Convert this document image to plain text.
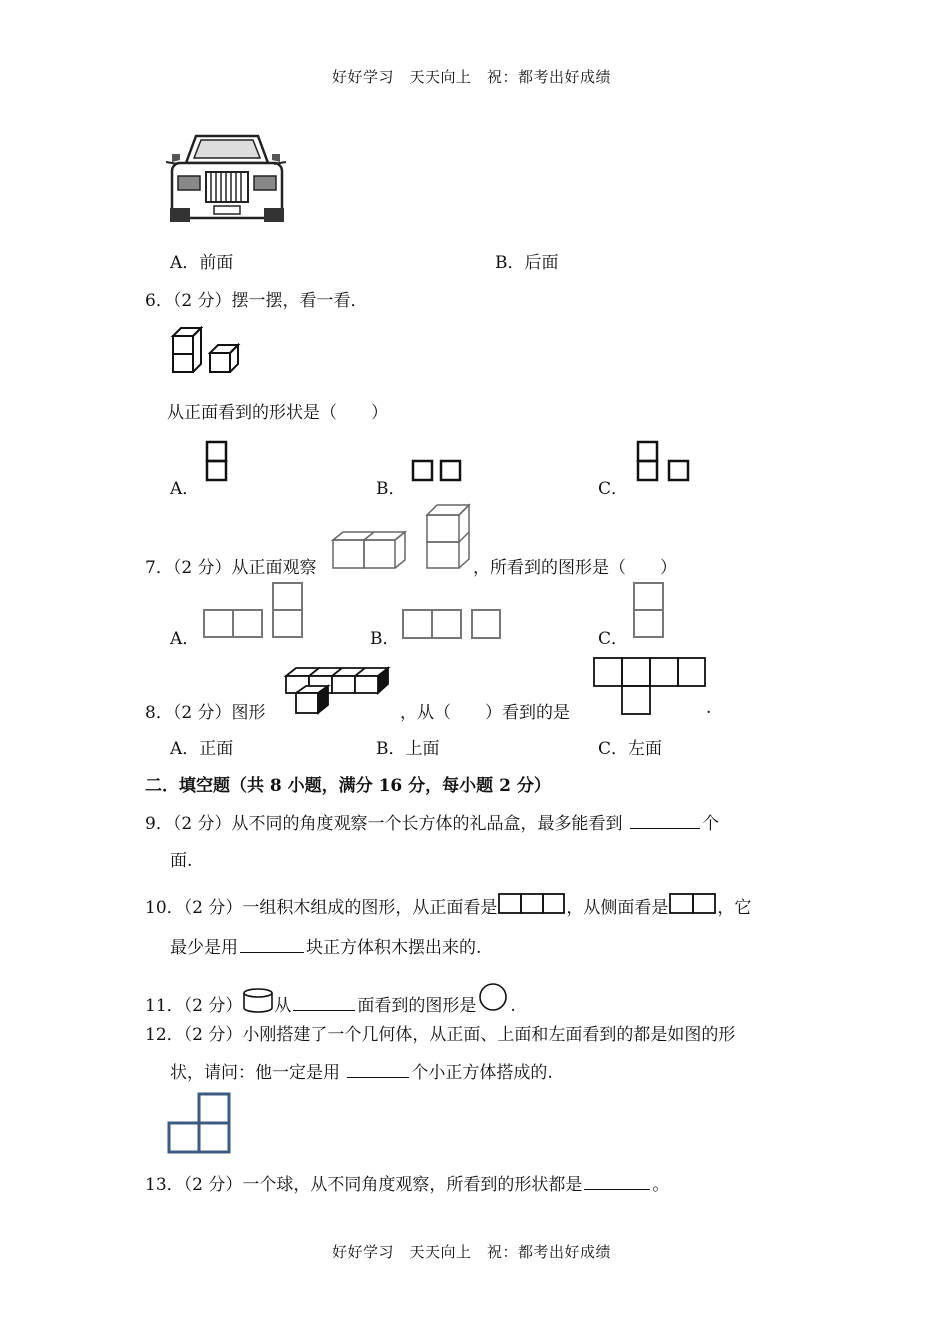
好好学习　天天向上　祝：都考出好成绩
A．前面	B．后面
6．（2 分）摆一摆，看一看．
从正面看到的形状是（　　）
A．	B．	C．
7．（2 分）从正面观察	，所看到的图形是（　　）
A．	B．	C．
8．（2 分）图形	，从（　　）看到的是	.
A．正面	B．上面	C．左面
二．填空题（共 8 小题，满分 16 分，每小题 2 分）
9．（2 分）从不同的角度观察一个长方体的礼品盒，最多能看到	个
面.
10．（2 分）一组积木组成的图形，从正面看是	，从侧面看是	，它
最少是用	块正方体积木摆出来的.
11．（2 分） 从	面看到的图形是 .
12．（2 分）小刚搭建了一个几何体，从正面、上面和左面看到的都是如图的形
状，请问：他一定是用	个小正方体搭成的.
13．（2 分）一个球，从不同角度观察，所看到的形状都是	。
好好学习　天天向上　祝：都考出好成绩
